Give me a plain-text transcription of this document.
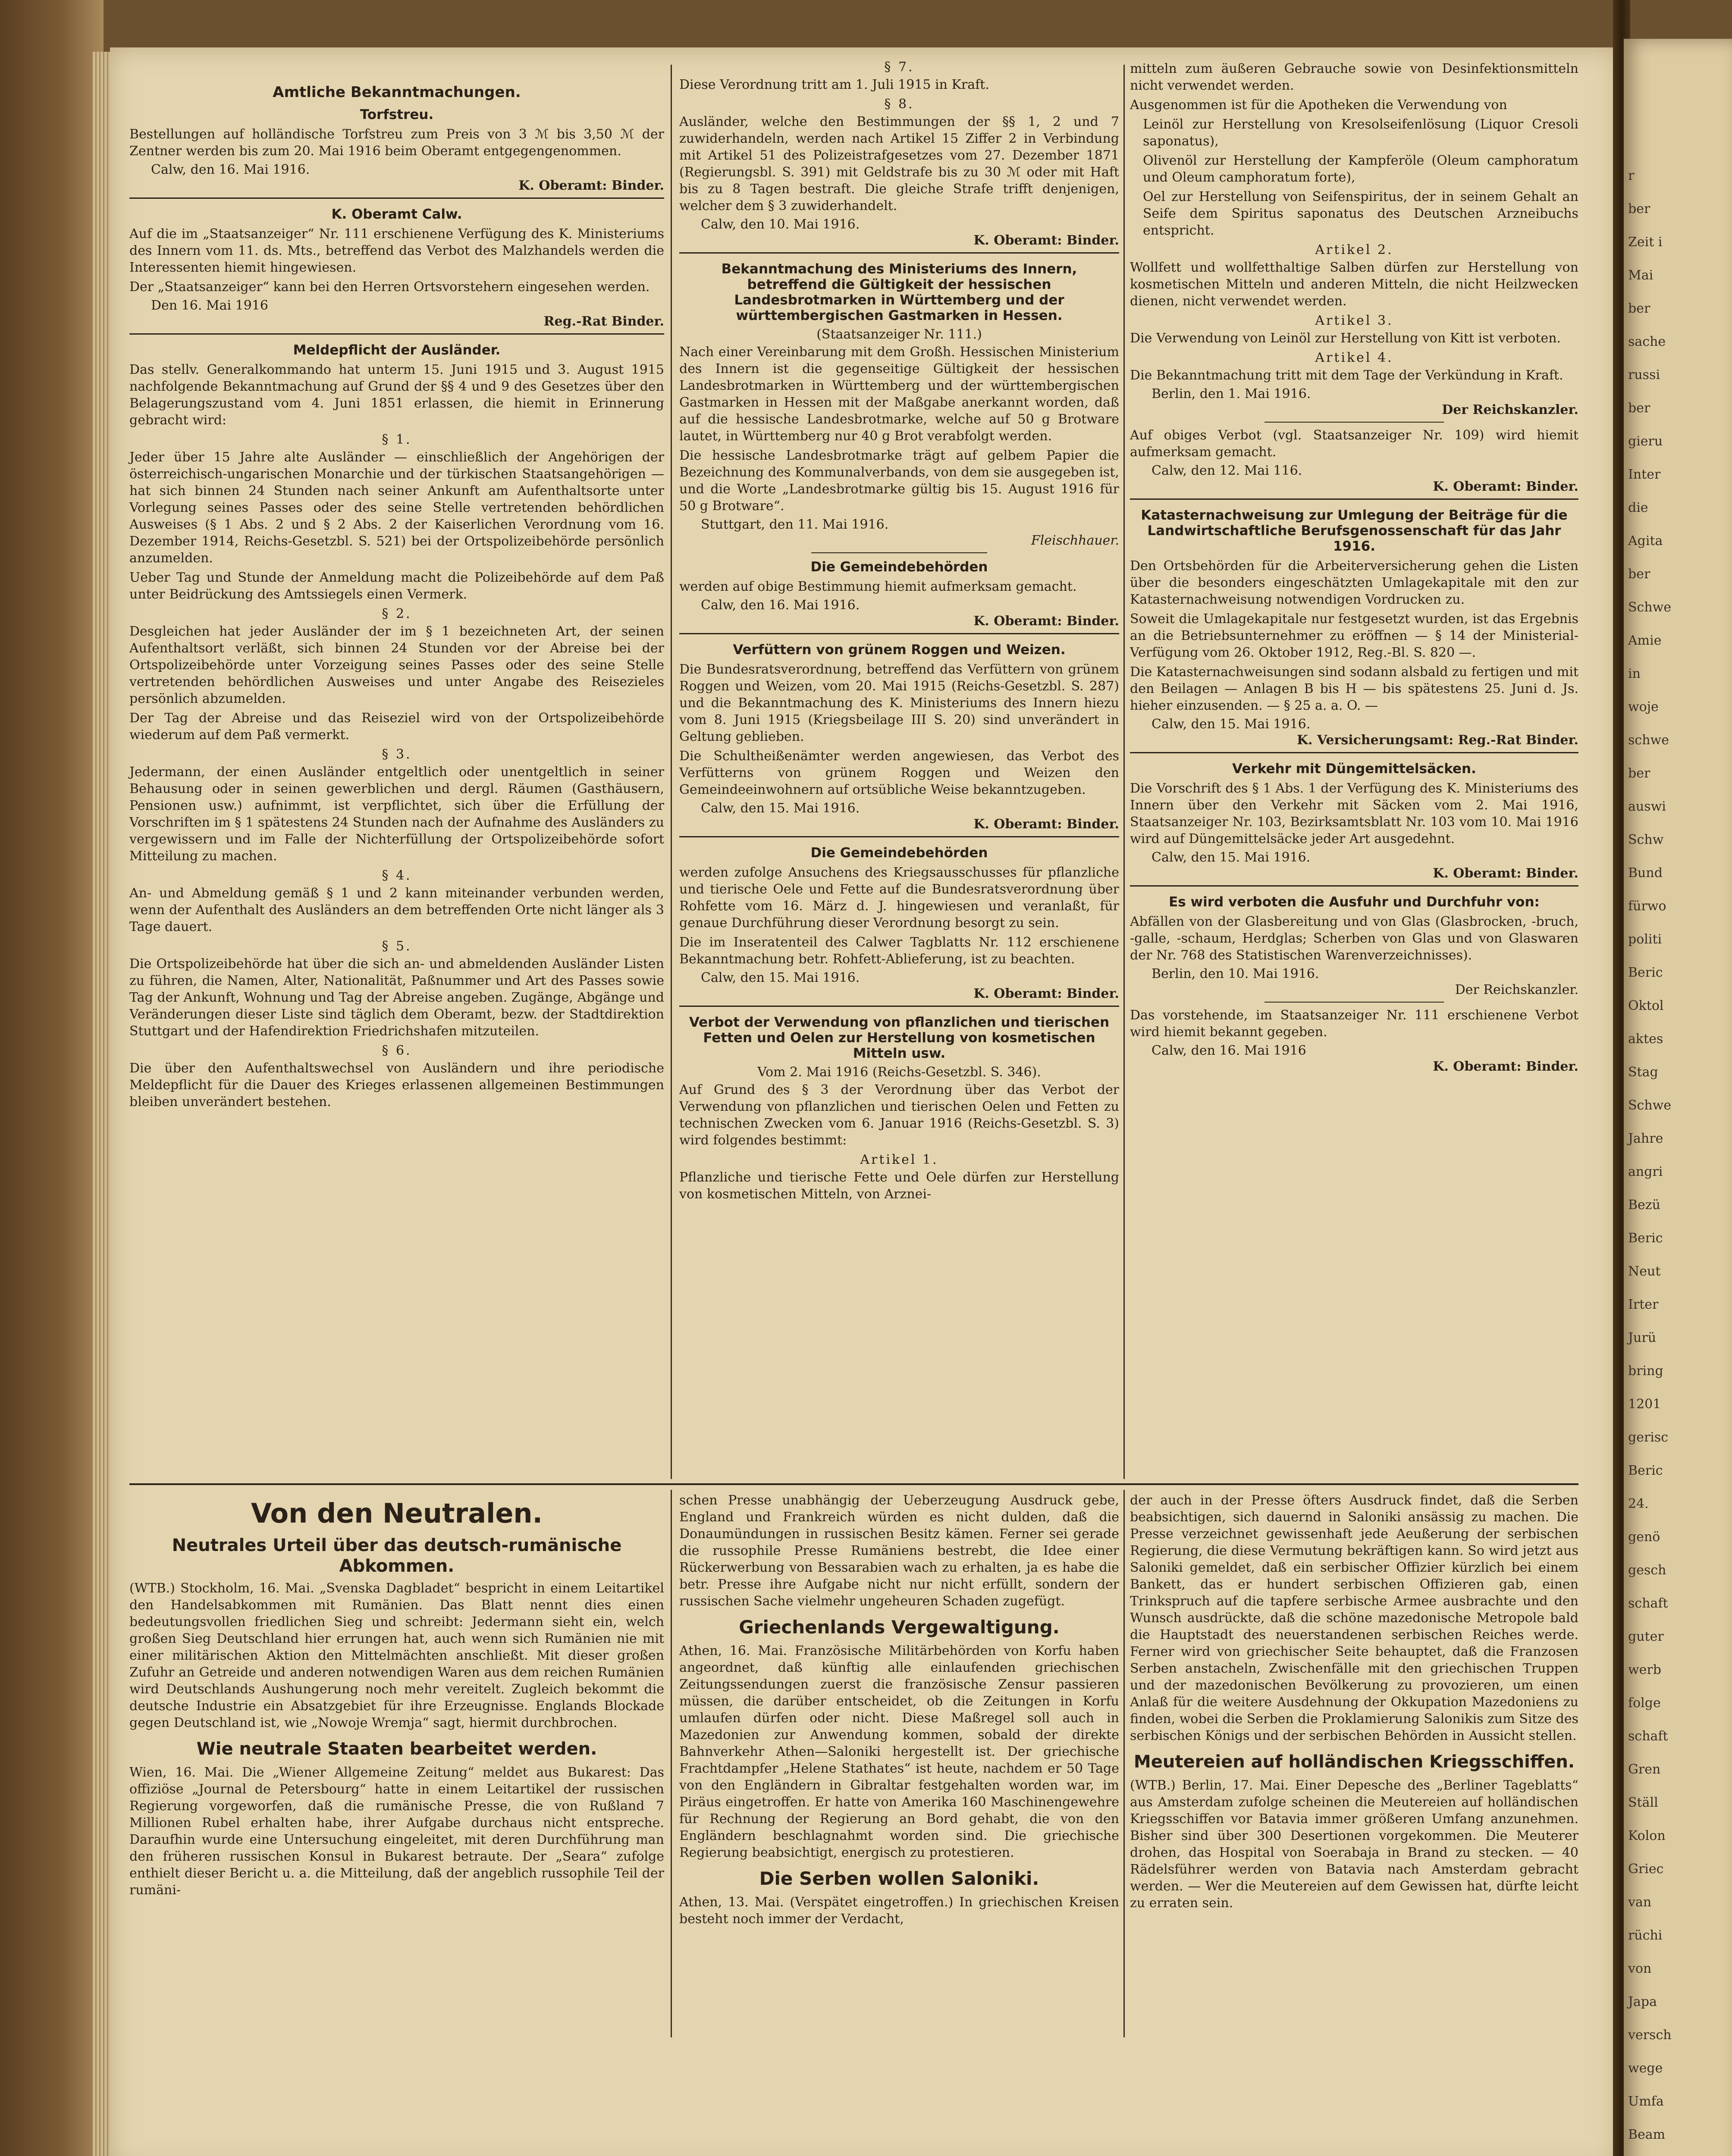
Amtliche Bekanntmachungen.
Torfstreu.

Bestellungen auf holländische Torfstreu zum Preis von 3 ℳ bis 3,50 ℳ der Zentner werden bis zum 20. Mai 1916 beim Oberamt entgegengenommen.

Calw, den 16. Mai 1916.
K. Oberamt: Binder.
K. Oberamt Calw.

Auf die im „Staatsanzeiger“ Nr. 111 erschienene Verfügung des K. Ministeriums des Innern vom 11. ds. Mts., betreffend das Verbot des Malzhandels werden die Interessenten hiemit hingewiesen.

Der „Staatsanzeiger“ kann bei den Herren Ortsvorstehern eingesehen werden.

Den 16. Mai 1916
Reg.-Rat Binder.
Meldepflicht der Ausländer.

Das stellv. Generalkommando hat unterm 15. Juni 1915 und 3. August 1915 nachfolgende Bekanntmachung auf Grund der §§ 4 und 9 des Gesetzes über den Belagerungszustand vom 4. Juni 1851 erlassen, die hiemit in Erinnerung gebracht wird:

§ 1.

Jeder über 15 Jahre alte Ausländer — einschließlich der Angehörigen der österreichisch-ungarischen Monarchie und der türkischen Staatsangehörigen — hat sich binnen 24 Stunden nach seiner Ankunft am Aufenthaltsorte unter Vorlegung seines Passes oder des seine Stelle vertretenden behördlichen Ausweises (§ 1 Abs. 2 und § 2 Abs. 2 der Kaiserlichen Verordnung vom 16. Dezember 1914, Reichs-Gesetzbl. S. 521) bei der Ortspolizeibehörde persönlich anzumelden.

Ueber Tag und Stunde der Anmeldung macht die Polizeibehörde auf dem Paß unter Beidrückung des Amtssiegels einen Vermerk.

§ 2.

Desgleichen hat jeder Ausländer der im § 1 bezeichneten Art, der seinen Aufenthaltsort verläßt, sich binnen 24 Stunden vor der Abreise bei der Ortspolizeibehörde unter Vorzeigung seines Passes oder des seine Stelle vertretenden behördlichen Ausweises und unter Angabe des Reisezieles persönlich abzumelden.

Der Tag der Abreise und das Reiseziel wird von der Ortspolizeibehörde wiederum auf dem Paß vermerkt.

§ 3.

Jedermann, der einen Ausländer entgeltlich oder unentgeltlich in seiner Behausung oder in seinen gewerblichen und dergl. Räumen (Gasthäusern, Pensionen usw.) aufnimmt, ist verpflichtet, sich über die Erfüllung der Vorschriften im § 1 spätestens 24 Stunden nach der Aufnahme des Ausländers zu vergewissern und im Falle der Nichterfüllung der Ortspolizeibehörde sofort Mitteilung zu machen.

§ 4.

An- und Abmeldung gemäß § 1 und 2 kann miteinander verbunden werden, wenn der Aufenthalt des Ausländers an dem betreffenden Orte nicht länger als 3 Tage dauert.

§ 5.

Die Ortspolizeibehörde hat über die sich an- und abmeldenden Ausländer Listen zu führen, die Namen, Alter, Nationalität, Paßnummer und Art des Passes sowie Tag der Ankunft, Wohnung und Tag der Abreise angeben. Zugänge, Abgänge und Veränderungen dieser Liste sind täglich dem Oberamt, bezw. der Stadtdirektion Stuttgart und der Hafendirektion Friedrichshafen mitzuteilen.

§ 6.

Die über den Aufenthaltswechsel von Ausländern und ihre periodische Meldepflicht für die Dauer des Krieges erlassenen allgemeinen Bestimmungen bleiben unverändert bestehen.

§ 7.

Diese Verordnung tritt am 1. Juli 1915 in Kraft.

§ 8.

Ausländer, welche den Bestimmungen der §§ 1, 2 und 7 zuwiderhandeln, werden nach Artikel 15 Ziffer 2 in Verbindung mit Artikel 51 des Polizeistrafgesetzes vom 27. Dezember 1871 (Regierungsbl. S. 391) mit Geldstrafe bis zu 30 ℳ oder mit Haft bis zu 8 Tagen bestraft. Die gleiche Strafe trifft denjenigen, welcher dem § 3 zuwiderhandelt.

Calw, den 10. Mai 1916.
K. Oberamt: Binder.
Bekanntmachung des Ministeriums des Innern, betreffend die Gültigkeit der hessischen Landesbrotmarken in Württemberg und der württembergischen Gastmarken in Hessen.
(Staatsanzeiger Nr. 111.)

Nach einer Vereinbarung mit dem Großh. Hessischen Ministerium des Innern ist die gegenseitige Gültigkeit der hessischen Landesbrotmarken in Württemberg und der württembergischen Gastmarken in Hessen mit der Maßgabe anerkannt worden, daß auf die hessische Landesbrotmarke, welche auf 50 g Brotware lautet, in Württemberg nur 40 g Brot verabfolgt werden.

Die hessische Landesbrotmarke trägt auf gelbem Papier die Bezeichnung des Kommunalverbands, von dem sie ausgegeben ist, und die Worte „Landesbrotmarke gültig bis 15. August 1916 für 50 g Brotware“.

Stuttgart, den 11. Mai 1916.
Fleischhauer.
Die Gemeindebehörden

werden auf obige Bestimmung hiemit aufmerksam gemacht.

Calw, den 16. Mai 1916.
K. Oberamt: Binder.
Verfüttern von grünem Roggen und Weizen.

Die Bundesratsverordnung, betreffend das Verfüttern von grünem Roggen und Weizen, vom 20. Mai 1915 (Reichs-Gesetzbl. S. 287) und die Bekanntmachung des K. Ministeriums des Innern hiezu vom 8. Juni 1915 (Kriegsbeilage III S. 20) sind unverändert in Geltung geblieben.

Die Schultheißenämter werden angewiesen, das Verbot des Verfütterns von grünem Roggen und Weizen den Gemeindeeinwohnern auf ortsübliche Weise bekanntzugeben.

Calw, den 15. Mai 1916.
K. Oberamt: Binder.
Die Gemeindebehörden

werden zufolge Ansuchens des Kriegsausschusses für pflanzliche und tierische Oele und Fette auf die Bundesratsverordnung über Rohfette vom 16. März d. J. hingewiesen und veranlaßt, für genaue Durchführung dieser Verordnung besorgt zu sein.

Die im Inseratenteil des Calwer Tagblatts Nr. 112 erschienene Bekanntmachung betr. Rohfett-Ablieferung, ist zu beachten.

Calw, den 15. Mai 1916.
K. Oberamt: Binder.
Verbot der Verwendung von pflanzlichen und tierischen Fetten und Oelen zur Herstellung von kosmetischen Mitteln usw.
Vom 2. Mai 1916 (Reichs-Gesetzbl. S. 346).

Auf Grund des § 3 der Verordnung über das Verbot der Verwendung von pflanzlichen und tierischen Oelen und Fetten zu technischen Zwecken vom 6. Januar 1916 (Reichs-Gesetzbl. S. 3) wird folgendes bestimmt:

Artikel 1.

Pflanzliche und tierische Fette und Oele dürfen zur Herstellung von kosmetischen Mitteln, von Arznei-

mitteln zum äußeren Gebrauche sowie von Desinfektionsmitteln nicht verwendet werden.

Ausgenommen ist für die Apotheken die Verwendung von

Leinöl zur Herstellung von Kresolseifenlösung (Liquor Cresoli saponatus),

Olivenöl zur Herstellung der Kampferöle (Oleum camphoratum und Oleum camphoratum forte),

Oel zur Herstellung von Seifenspiritus, der in seinem Gehalt an Seife dem Spiritus saponatus des Deutschen Arzneibuchs entspricht.

Artikel 2.

Wollfett und wollfetthaltige Salben dürfen zur Herstellung von kosmetischen Mitteln und anderen Mitteln, die nicht Heilzwecken dienen, nicht verwendet werden.

Artikel 3.

Die Verwendung von Leinöl zur Herstellung von Kitt ist verboten.

Artikel 4.

Die Bekanntmachung tritt mit dem Tage der Verkündung in Kraft.

Berlin, den 1. Mai 1916.
Der Reichskanzler.

Auf obiges Verbot (vgl. Staatsanzeiger Nr. 109) wird hiemit aufmerksam gemacht.

Calw, den 12. Mai 116.
K. Oberamt: Binder.
Katasternachweisung zur Umlegung der Beiträge für die Landwirtschaftliche Berufsgenossenschaft für das Jahr 1916.

Den Ortsbehörden für die Arbeiterversicherung gehen die Listen über die besonders eingeschätzten Umlagekapitale mit den zur Katasternachweisung notwendigen Vordrucken zu.

Soweit die Umlagekapitale nur festgesetzt wurden, ist das Ergebnis an die Betriebsunternehmer zu eröffnen — § 14 der Ministerial-Verfügung vom 26. Oktober 1912, Reg.-Bl. S. 820 —.

Die Katasternachweisungen sind sodann alsbald zu fertigen und mit den Beilagen — Anlagen B bis H — bis spätestens 25. Juni d. Js. hieher einzusenden. — § 25 a. a. O. —

Calw, den 15. Mai 1916.
K. Versicherungsamt: Reg.-Rat Binder.
Verkehr mit Düngemittelsäcken.

Die Vorschrift des § 1 Abs. 1 der Verfügung des K. Ministeriums des Innern über den Verkehr mit Säcken vom 2. Mai 1916, Staatsanzeiger Nr. 103, Bezirksamtsblatt Nr. 103 vom 10. Mai 1916 wird auf Düngemittelsäcke jeder Art ausgedehnt.

Calw, den 15. Mai 1916.
K. Oberamt: Binder.
Es wird verboten die Ausfuhr und Durchfuhr von:

Abfällen von der Glasbereitung und von Glas (Glasbrocken, -bruch, -galle, -schaum, Herdglas; Scherben von Glas und von Glaswaren der Nr. 768 des Statistischen Warenverzeichnisses).

Berlin, den 10. Mai 1916.
Der Reichskanzler.

Das vorstehende, im Staatsanzeiger Nr. 111 erschienene Verbot wird hiemit bekannt gegeben.

Calw, den 16. Mai 1916
K. Oberamt: Binder.
Von den Neutralen.
Neutrales Urteil über das deutsch-rumänische Abkommen.

(WTB.) Stockholm, 16. Mai. „Svenska Dagbladet“ bespricht in einem Leitartikel den Handelsabkommen mit Rumänien. Das Blatt nennt dies einen bedeutungsvollen friedlichen Sieg und schreibt: Jedermann sieht ein, welch großen Sieg Deutschland hier errungen hat, auch wenn sich Rumänien nie mit einer militärischen Aktion den Mittelmächten anschließt. Mit dieser großen Zufuhr an Getreide und anderen notwendigen Waren aus dem reichen Rumänien wird Deutschlands Aushungerung noch mehr vereitelt. Zugleich bekommt die deutsche Industrie ein Absatzgebiet für ihre Erzeugnisse. Englands Blockade gegen Deutschland ist, wie „Nowoje Wremja“ sagt, hiermit durchbrochen.

Wie neutrale Staaten bearbeitet werden.

Wien, 16. Mai. Die „Wiener Allgemeine Zeitung“ meldet aus Bukarest: Das offiziöse „Journal de Petersbourg“ hatte in einem Leitartikel der russischen Regierung vorgeworfen, daß die rumänische Presse, die von Rußland 7 Millionen Rubel erhalten habe, ihrer Aufgabe durchaus nicht entspreche. Daraufhin wurde eine Untersuchung eingeleitet, mit deren Durchführung man den früheren russischen Konsul in Bukarest betraute. Der „Seara“ zufolge enthielt dieser Bericht u. a. die Mitteilung, daß der angeblich russophile Teil der rumäni-

schen Presse unabhängig der Ueberzeugung Ausdruck gebe, England und Frankreich würden es nicht dulden, daß die Donaumündungen in russischen Besitz kämen. Ferner sei gerade die russophile Presse Rumäniens bestrebt, die Idee einer Rückerwerbung von Bessarabien wach zu erhalten, ja es habe die betr. Presse ihre Aufgabe nicht nur nicht erfüllt, sondern der russischen Sache vielmehr ungeheuren Schaden zugefügt.

Griechenlands Vergewaltigung.

Athen, 16. Mai. Französische Militärbehörden von Korfu haben angeordnet, daß künftig alle einlaufenden griechischen Zeitungssendungen zuerst die französische Zensur passieren müssen, die darüber entscheidet, ob die Zeitungen in Korfu umlaufen dürfen oder nicht. Diese Maßregel soll auch in Mazedonien zur Anwendung kommen, sobald der direkte Bahnverkehr Athen—Saloniki hergestellt ist. Der griechische Frachtdampfer „Helene Stathates“ ist heute, nachdem er 50 Tage von den Engländern in Gibraltar festgehalten worden war, im Piräus eingetroffen. Er hatte von Amerika 160 Maschinengewehre für Rechnung der Regierung an Bord gehabt, die von den Engländern beschlagnahmt worden sind. Die griechische Regierung beabsichtigt, energisch zu protestieren.

Die Serben wollen Saloniki.

Athen, 13. Mai. (Verspätet eingetroffen.) In griechischen Kreisen besteht noch immer der Verdacht,

der auch in der Presse öfters Ausdruck findet, daß die Serben beabsichtigen, sich dauernd in Saloniki ansässig zu machen. Die Presse verzeichnet gewissenhaft jede Aeußerung der serbischen Regierung, die diese Vermutung bekräftigen kann. So wird jetzt aus Saloniki gemeldet, daß ein serbischer Offizier kürzlich bei einem Bankett, das er hundert serbischen Offizieren gab, einen Trinkspruch auf die tapfere serbische Armee ausbrachte und den Wunsch ausdrückte, daß die schöne mazedonische Metropole bald die Hauptstadt des neuerstandenen serbischen Reiches werde. Ferner wird von griechischer Seite behauptet, daß die Franzosen Serben anstacheln, Zwischenfälle mit den griechischen Truppen und der mazedonischen Bevölkerung zu provozieren, um einen Anlaß für die weitere Ausdehnung der Okkupation Mazedoniens zu finden, wobei die Serben die Proklamierung Salonikis zum Sitze des serbischen Königs und der serbischen Behörden in Aussicht stellen.

Meutereien auf holländischen Kriegsschiffen.

(WTB.) Berlin, 17. Mai. Einer Depesche des „Berliner Tageblatts“ aus Amsterdam zufolge scheinen die Meutereien auf holländischen Kriegsschiffen vor Batavia immer größeren Umfang anzunehmen. Bisher sind über 300 Desertionen vorgekommen. Die Meuterer drohen, das Hospital von Soerabaja in Brand zu stecken. — 40 Rädelsführer werden von Batavia nach Amsterdam gebracht werden. — Wer die Meutereien auf dem Gewissen hat, dürfte leicht zu erraten sein.

r
ber
Zeit i
Mai
ber
sache
russi
ber
gieru
Inter
die
Agita
ber
Schwe
Amie
in
woje
schwe
ber
auswi
Schw
Bund
fürwo
politi
Beric
Oktol
aktes
Stag
Schwe
Jahre
angri
Bezü
Beric
Neut
Irter
Jurü
bring
1201
gerisc
Beric
24.
genö
gesch
schaft
guter
werb
folge
schaft
Gren
Ställ
Kolon
Griec
van
rüchi
von
Japa
versch
wege
Umfa
Beam
